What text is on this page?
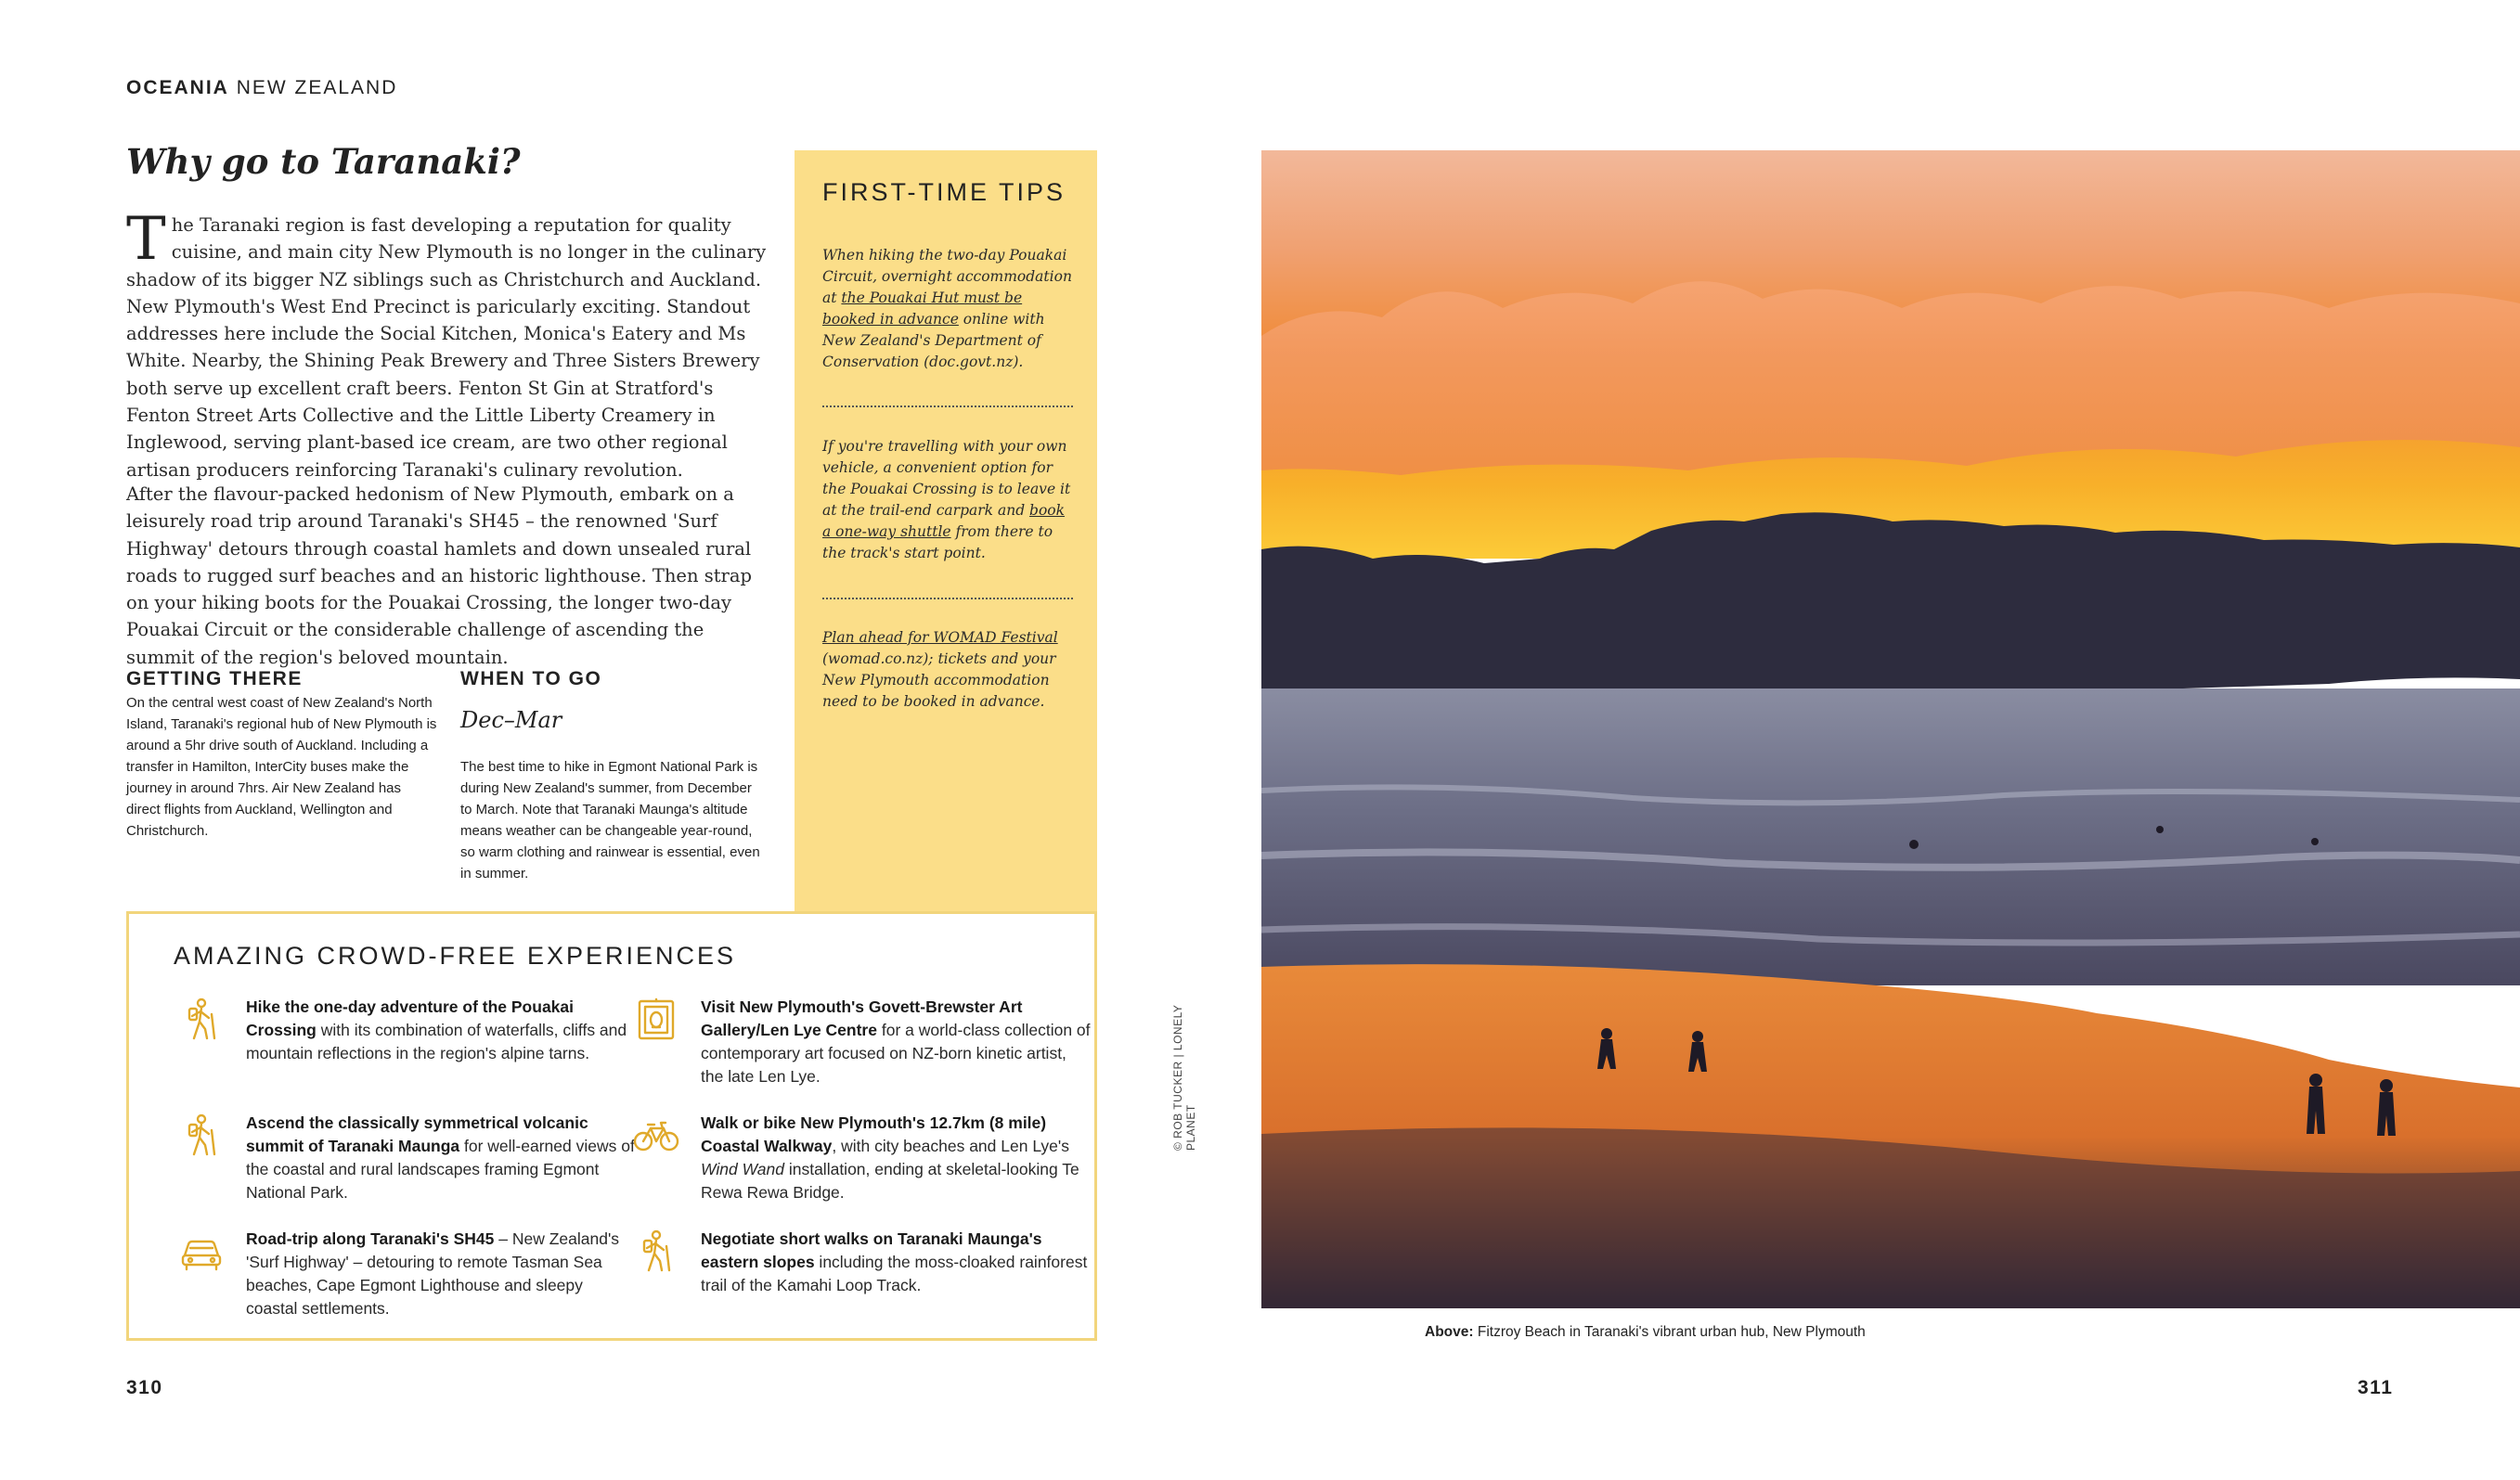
OCEANIA NEW ZEALAND
Why go to Taranaki?

The Taranaki region is fast developing a reputation for quality cuisine, and main city New Plymouth is no longer in the culinary shadow of its bigger NZ siblings such as Christchurch and Auckland. New Plymouth's West End Precinct is paricularly exciting. Standout addresses here include the Social Kitchen, Monica's Eatery and Ms White. Nearby, the Shining Peak Brewery and Three Sisters Brewery both serve up excellent craft beers. Fenton St Gin at Stratford's Fenton Street Arts Collective and the Little Liberty Creamery in Inglewood, serving plant-based ice cream, are two other regional artisan producers reinforcing Taranaki's culinary revolution.

After the flavour-packed hedonism of New Plymouth, embark on a leisurely road trip around Taranaki's SH45 – the renowned 'Surf Highway' detours through coastal hamlets and down unsealed rural roads to rugged surf beaches and an historic lighthouse. Then strap on your hiking boots for the Pouakai Crossing, the longer two-day Pouakai Circuit or the considerable challenge of ascending the summit of the region's beloved mountain.

GETTING THERE

On the central west coast of New Zealand's North Island, Taranaki's regional hub of New Plymouth is around a 5hr drive south of Auckland. Including a transfer in Hamilton, InterCity buses make the journey in around 7hrs. Air New Zealand has direct flights from Auckland, Wellington and Christchurch.

WHEN TO GO
Dec–Mar

The best time to hike in Egmont National Park is during New Zealand's summer, from December to March. Note that Taranaki Maunga's altitude means weather can be changeable year-round, so warm clothing and rainwear is essential, even in summer.

FIRST-TIME TIPS

When hiking the two-day Pouakai Circuit, overnight accommodation at the Pouakai Hut must be booked in advance online with New Zealand's Department of Conservation (doc.govt.nz).

If you're travelling with your own vehicle, a convenient option for the Pouakai Crossing is to leave it at the trail-end carpark and book a one-way shuttle from there to the track's start point.

Plan ahead for WOMAD Festival (womad.co.nz); tickets and your New Plymouth accommodation need to be booked in advance.

AMAZING CROWD-FREE EXPERIENCES

Hike the one-day adventure of the Pouakai Crossing with its combination of waterfalls, cliffs and mountain reflections in the region's alpine tarns.

Ascend the classically symmetrical volcanic summit of Taranaki Maunga for well-earned views of the coastal and rural landscapes framing Egmont National Park.

Road-trip along Taranaki's SH45 – New Zealand's 'Surf Highway' – detouring to remote Tasman Sea beaches, Cape Egmont Lighthouse and sleepy coastal settlements.

Visit New Plymouth's Govett-Brewster Art Gallery/Len Lye Centre for a world-class collection of contemporary art focused on NZ-born kinetic artist, the late Len Lye.

Walk or bike New Plymouth's 12.7km (8 mile) Coastal Walkway, with city beaches and Len Lye's Wind Wand installation, ending at skeletal-looking Te Rewa Rewa Bridge.

Negotiate short walks on Taranaki Maunga's eastern slopes including the moss-cloaked rainforest trail of the Kamahi Loop Track.

310	311
© ROB TUCKER | LONELY PLANET
Above: Fitzroy Beach in Taranaki's vibrant urban hub, New Plymouth
